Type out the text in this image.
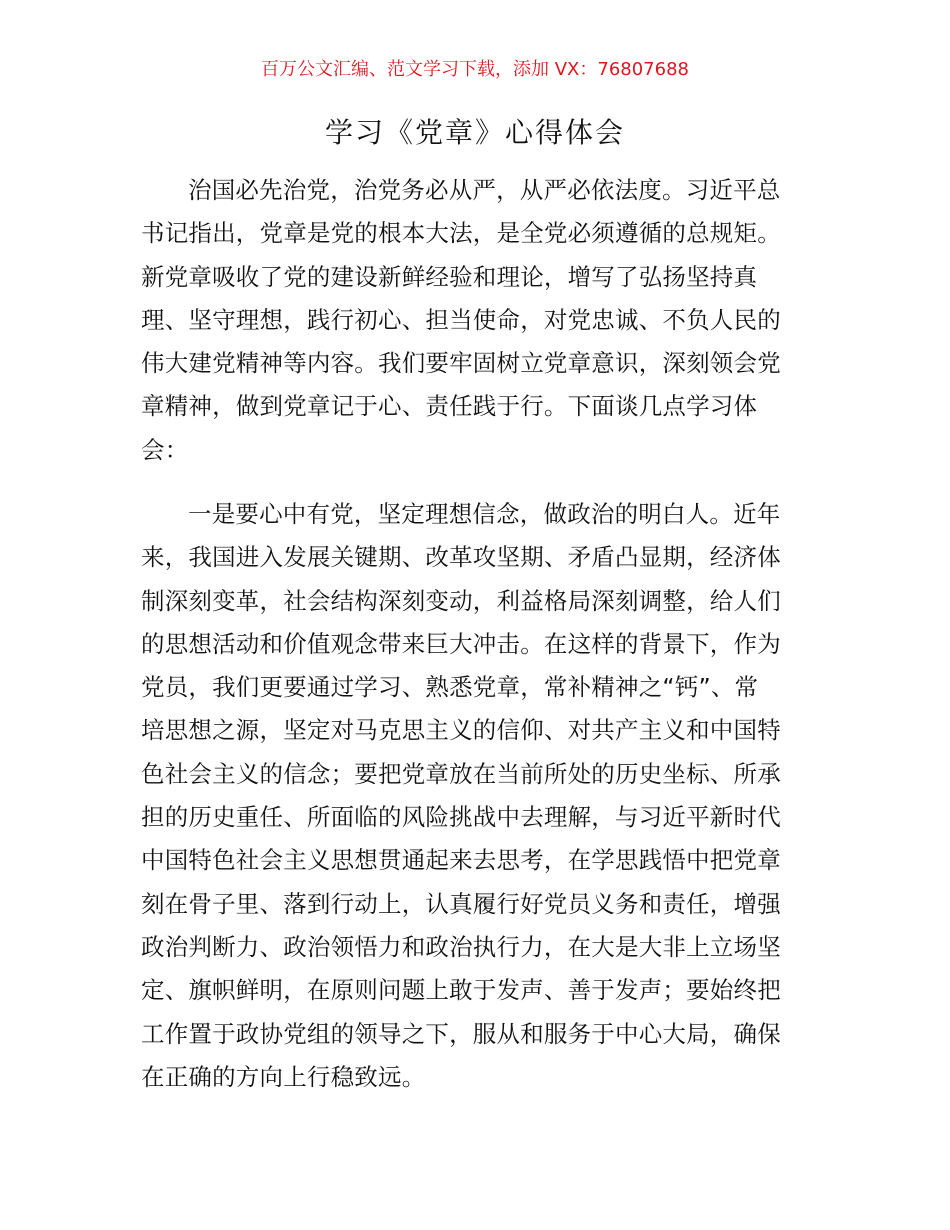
百万公文汇编、范文学习下载，添加 VX：76807688
学习《党章》心得体会
治国必先治党，治党务必从严，从严必依法度。习近平总
书记指出，党章是党的根本大法，是全党必须遵循的总规矩。
新党章吸收了党的建设新鲜经验和理论，增写了弘扬坚持真
理、坚守理想，践行初心、担当使命，对党忠诚、不负人民的
伟大建党精神等内容。我们要牢固树立党章意识，深刻领会党
章精神，做到党章记于心、责任践于行。下面谈几点学习体
会：
一是要心中有党，坚定理想信念，做政治的明白人。近年
来，我国进入发展关键期、改革攻坚期、矛盾凸显期，经济体
制深刻变革，社会结构深刻变动，利益格局深刻调整，给人们
的思想活动和价值观念带来巨大冲击。在这样的背景下，作为
党员，我们更要通过学习、熟悉党章，常补精神之“钙”、常
培思想之源，坚定对马克思主义的信仰、对共产主义和中国特
色社会主义的信念；要把党章放在当前所处的历史坐标、所承
担的历史重任、所面临的风险挑战中去理解，与习近平新时代
中国特色社会主义思想贯通起来去思考，在学思践悟中把党章
刻在骨子里、落到行动上，认真履行好党员义务和责任，增强
政治判断力、政治领悟力和政治执行力，在大是大非上立场坚
定、旗帜鲜明，在原则问题上敢于发声、善于发声；要始终把
工作置于政协党组的领导之下，服从和服务于中心大局，确保
在正确的方向上行稳致远。
